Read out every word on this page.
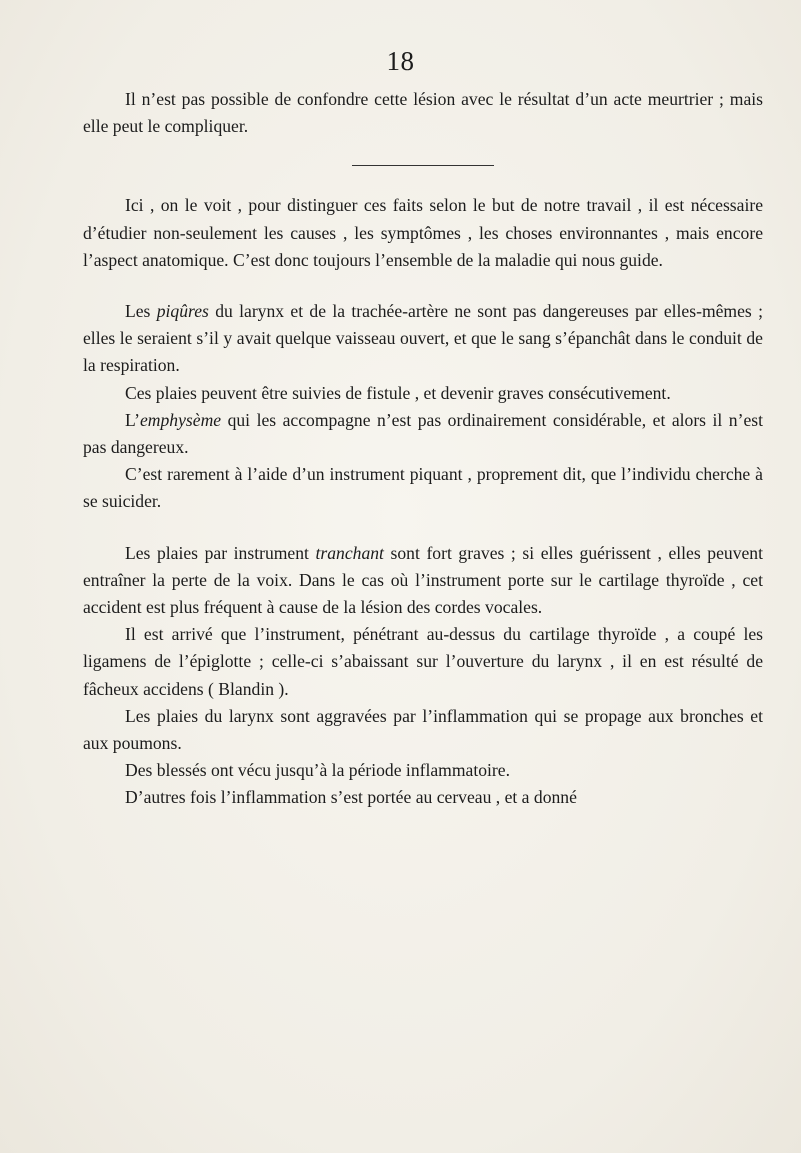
18

Il n’est pas possible de confondre cette lésion avec le résultat d’un acte meurtrier ; mais elle peut le compliquer.

Ici , on le voit , pour distinguer ces faits selon le but de notre travail , il est nécessaire d’étudier non-seulement les causes , les symptômes , les choses environnantes , mais encore l’aspect anatomique. C’est donc toujours l’ensemble de la maladie qui nous guide.

Les piqûres du larynx et de la trachée-artère ne sont pas dangereuses par elles-mêmes ; elles le seraient s’il y avait quelque vaisseau ouvert, et que le sang s’épanchât dans le conduit de la respiration.

Ces plaies peuvent être suivies de fistule , et devenir graves consécutivement.

L’emphysème qui les accompagne n’est pas ordinairement considérable, et alors il n’est pas dangereux.

C’est rarement à l’aide d’un instrument piquant , proprement dit, que l’individu cherche à se suicider.

Les plaies par instrument tranchant sont fort graves ; si elles guérissent , elles peuvent entraîner la perte de la voix. Dans le cas où l’instrument porte sur le cartilage thyroïde , cet accident est plus fréquent à cause de la lésion des cordes vocales.

Il est arrivé que l’instrument, pénétrant au-dessus du cartilage thyroïde , a coupé les ligamens de l’épiglotte ; celle-ci s’abaissant sur l’ouverture du larynx , il en est résulté de fâcheux accidens ( Blandin ).

Les plaies du larynx sont aggravées par l’inflammation qui se propage aux bronches et aux poumons.

Des blessés ont vécu jusqu’à la période inflammatoire.

D’autres fois l’inflammation s’est portée au cerveau , et a donné
